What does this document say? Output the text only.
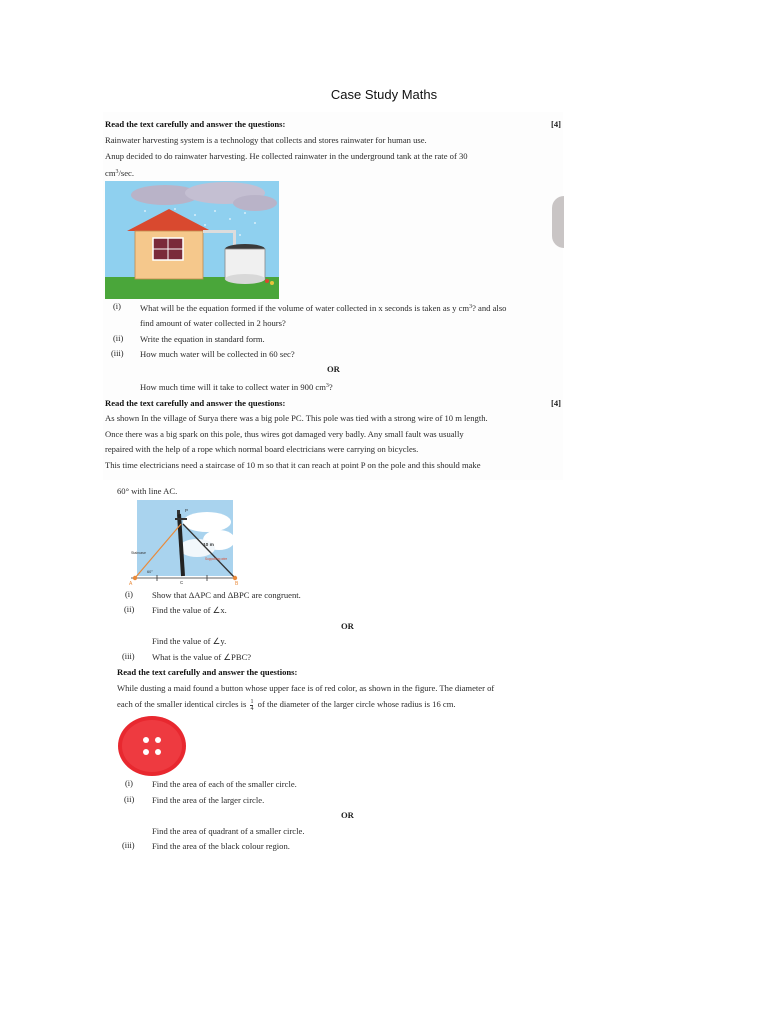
Case Study Maths
Read the text carefully and answer the questions:	[4]
Rainwater harvesting system is a technology that collects and stores rainwater for human use.
Anup decided to do rainwater harvesting. He collected rainwater in the underground tank at the rate of 30
$cm^3/\sec$.
(i) What will be the equation formed if the volume of water collected in x seconds is taken as y $cm^3$? and also
find amount of water collected in 2 hours?
(ii) Write the equation in standard form.
(iii) How much water will be collected in 60 sec?
OR
How much time will it take to collect water in 900 $cm^3$?
Read the text carefully and answer the questions:	[4]
As shown In the village of Surya there was a big pole PC. This pole was tied with a strong wire of 10 m length.
Once there was a big spark on this pole, thus wires got damaged very badly. Any small fault was usually
repaired with the help of a rope which normal board electricians were carrying on bicycles.
This time electricians need a staircase of 10 m so that it can reach at point P on the pole and this should make
60° with line AC.
10 m
Staircase
Supporting wire
60°
A	B
C
P
(i) Show that ΔAPC and ΔBPC are congruent.
(ii) Find the value of ∠x.
OR
Find the value of ∠y.
(iii) What is the value of ∠PBC?
Read the text carefully and answer the questions:
While dusting a maid found a button whose upper face is of red color, as shown in the figure. The diameter of
each of the smaller identical circles is $\frac{1}{4}$ of the diameter of the larger circle whose radius is 16 cm.
(i) Find the area of each of the smaller circle.
(ii) Find the area of the larger circle.
OR
Find the area of quadrant of a smaller circle.
(iii) Find the area of the black colour region.
